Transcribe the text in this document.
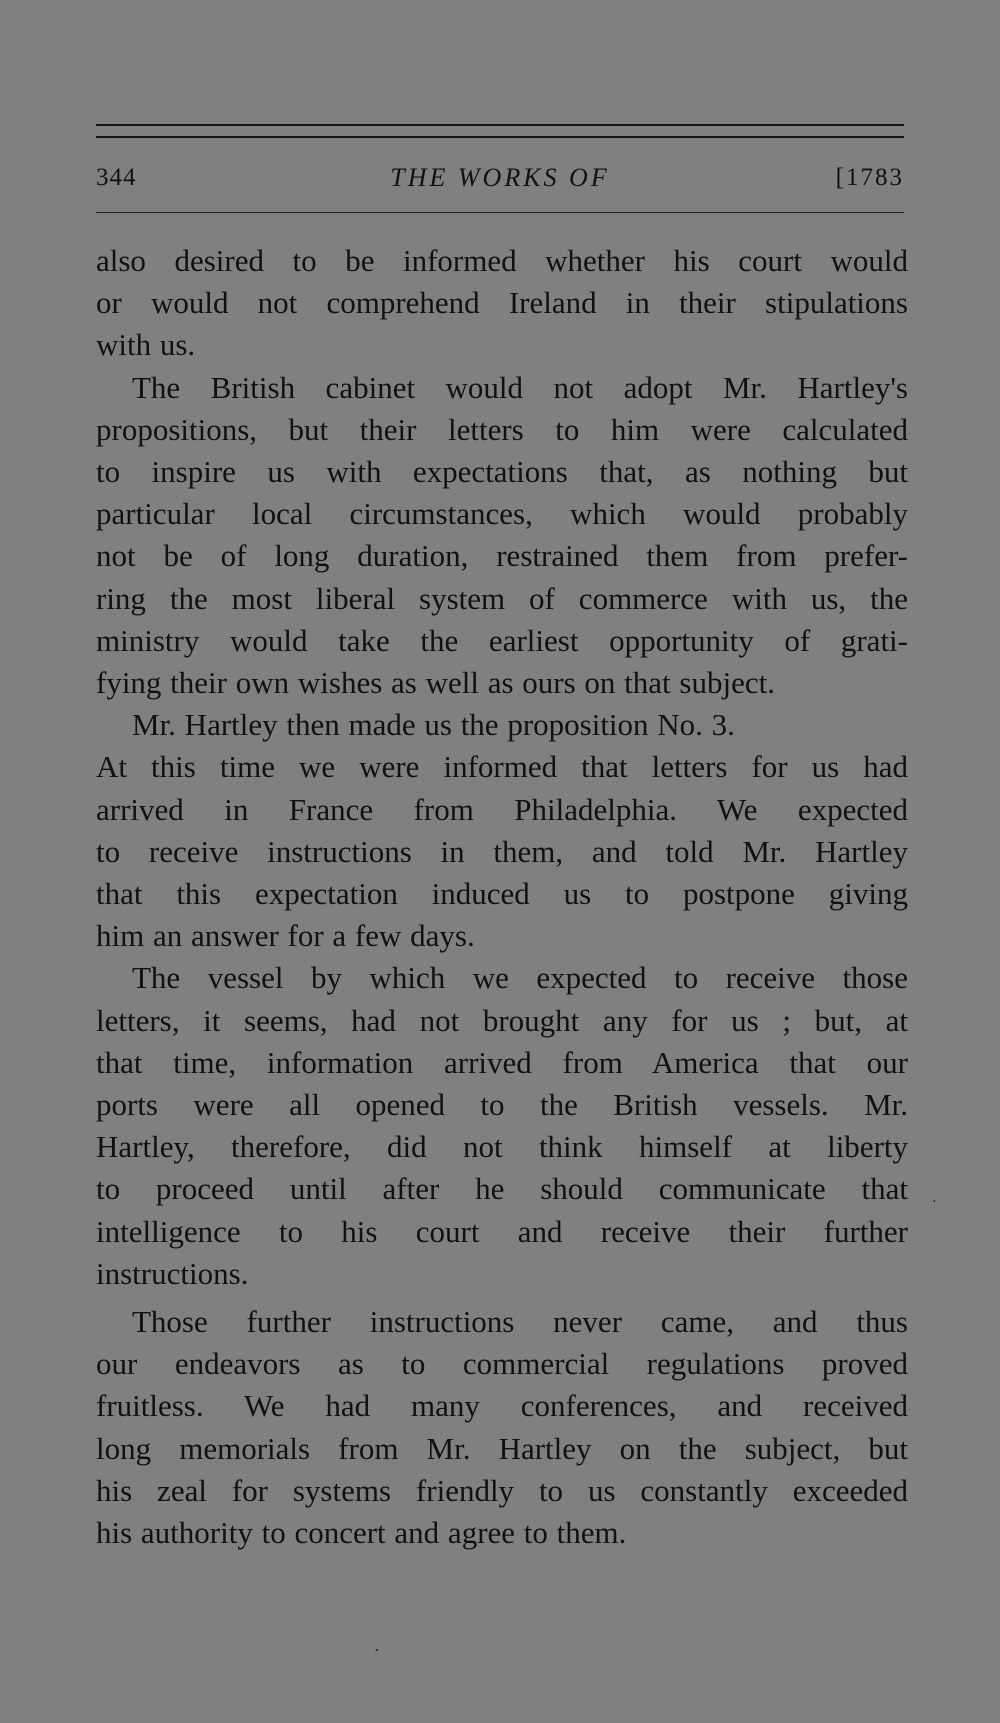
344	THE WORKS OF	[1783

also desired to be informed whether his court would
or would not comprehend Ireland in their stipulations
with us.

The British cabinet would not adopt Mr. Hartley's
propositions, but their letters to him were calculated
to inspire us with expectations that, as nothing but
particular local circumstances, which would probably
not be of long duration, restrained them from prefer-
ring the most liberal system of commerce with us, the
ministry would take the earliest opportunity of grati-
fying their own wishes as well as ours on that subject.

Mr. Hartley then made us the proposition No. 3.
At this time we were informed that letters for us had
arrived in France from Philadelphia. We expected
to receive instructions in them, and told Mr. Hartley
that this expectation induced us to postpone giving
him an answer for a few days.

The vessel by which we expected to receive those
letters, it seems, had not brought any for us ; but, at
that time, information arrived from America that our
ports were all opened to the British vessels. Mr.
Hartley, therefore, did not think himself at liberty
to proceed until after he should communicate that
intelligence to his court and receive their further
instructions.

Those further instructions never came, and thus
our endeavors as to commercial regulations proved
fruitless. We had many conferences, and received
long memorials from Mr. Hartley on the subject, but
his zeal for systems friendly to us constantly exceeded
his authority to concert and agree to them.

․
․
